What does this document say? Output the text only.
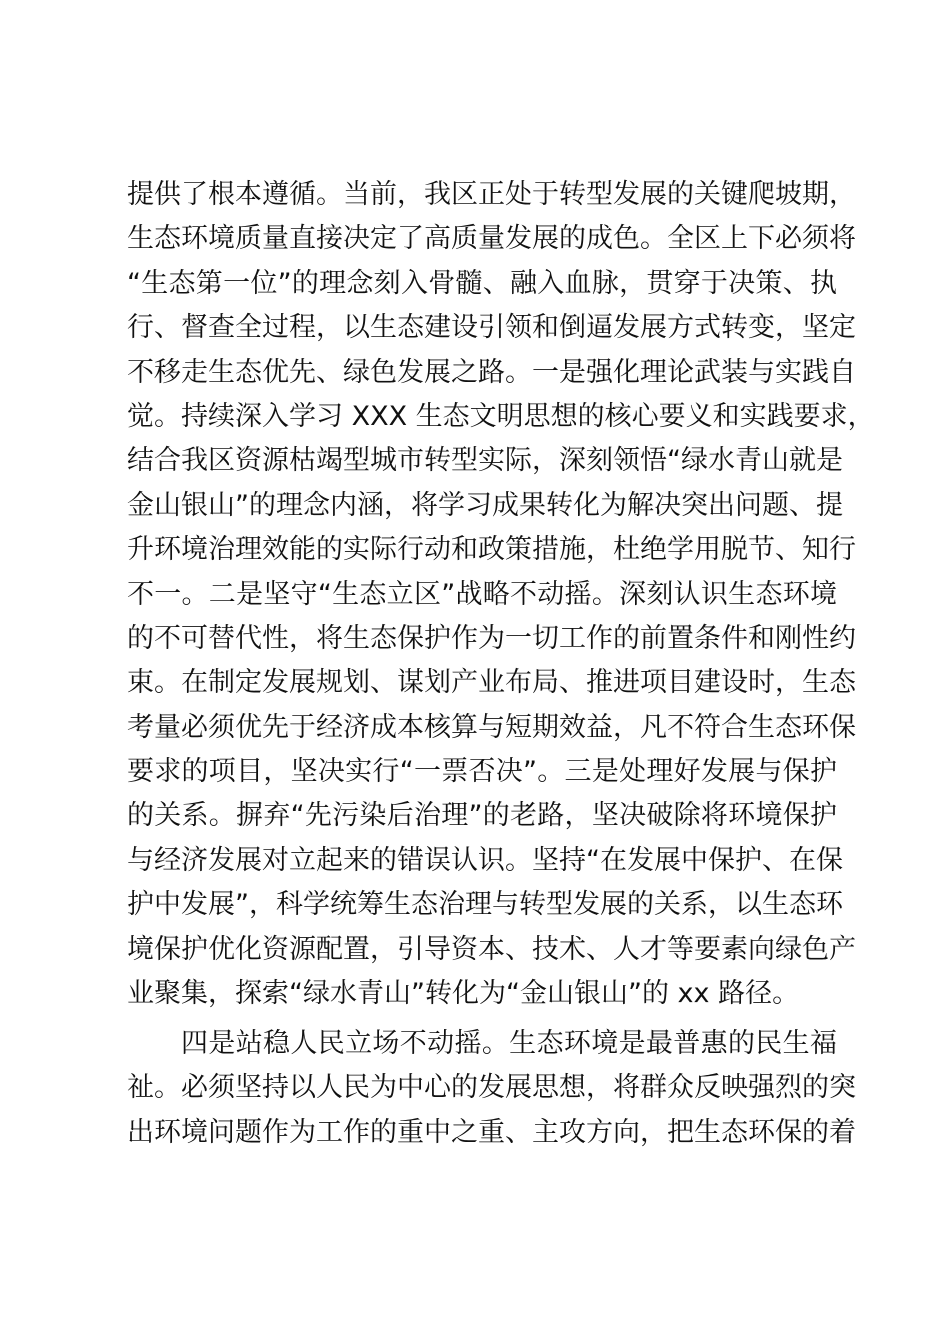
提供了根本遵循。当前，我区正处于转型发展的关键爬坡期，
生态环境质量直接决定了高质量发展的成色。全区上下必须将
“生态第一位”的理念刻入骨髓、融入血脉，贯穿于决策、执
行、督查全过程，以生态建设引领和倒逼发展方式转变，坚定
不移走生态优先、绿色发展之路。一是强化理论武装与实践自
觉。持续深入学习 XXX 生态文明思想的核心要义和实践要求，
结合我区资源枯竭型城市转型实际，深刻领悟“绿水青山就是
金山银山”的理念内涵，将学习成果转化为解决突出问题、提
升环境治理效能的实际行动和政策措施，杜绝学用脱节、知行
不一。二是坚守“生态立区”战略不动摇。深刻认识生态环境
的不可替代性，将生态保护作为一切工作的前置条件和刚性约
束。在制定发展规划、谋划产业布局、推进项目建设时，生态
考量必须优先于经济成本核算与短期效益，凡不符合生态环保
要求的项目，坚决实行“一票否决”。三是处理好发展与保护
的关系。摒弃“先污染后治理”的老路，坚决破除将环境保护
与经济发展对立起来的错误认识。坚持“在发展中保护、在保
护中发展”，科学统筹生态治理与转型发展的关系，以生态环
境保护优化资源配置，引导资本、技术、人才等要素向绿色产
业聚集，探索“绿水青山”转化为“金山银山”的 xx 路径。
四是站稳人民立场不动摇。生态环境是最普惠的民生福
祉。必须坚持以人民为中心的发展思想，将群众反映强烈的突
出环境问题作为工作的重中之重、主攻方向，把生态环保的着
